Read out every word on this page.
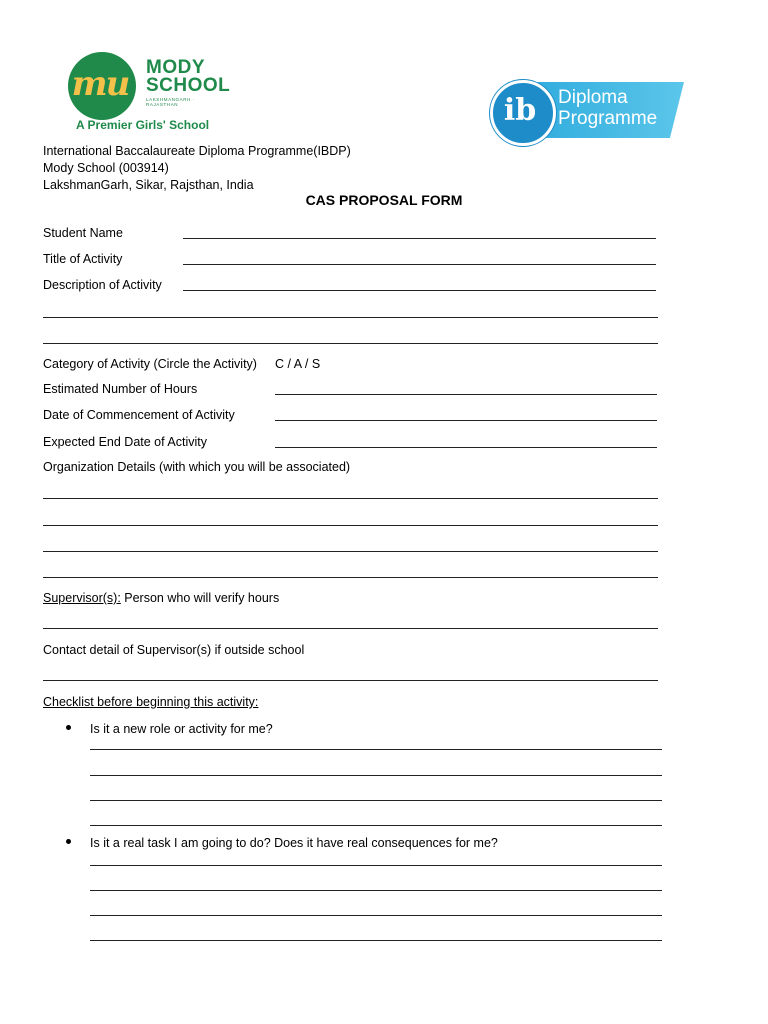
mu MODY
SCHOOL
LAKSHMANGARH · RAJASTHAN
A Premier Girls' School	ib	Diploma
Programme
International Baccalaureate Diploma Programme(IBDP)
Mody School (003914)
LakshmanGarh, Sikar, Rajsthan, India
CAS PROPOSAL FORM
Student Name
Title of Activity
Description of Activity
Category of Activity (Circle the Activity) C / A / S
Estimated Number of Hours
Date of Commencement of Activity
Expected End Date of Activity
Organization Details (with which you will be associated)
Supervisor(s): Person who will verify hours
Contact detail of Supervisor(s) if outside school
Checklist before beginning this activity:
Is it a new role or activity for me?
Is it a real task I am going to do? Does it have real consequences for me?
